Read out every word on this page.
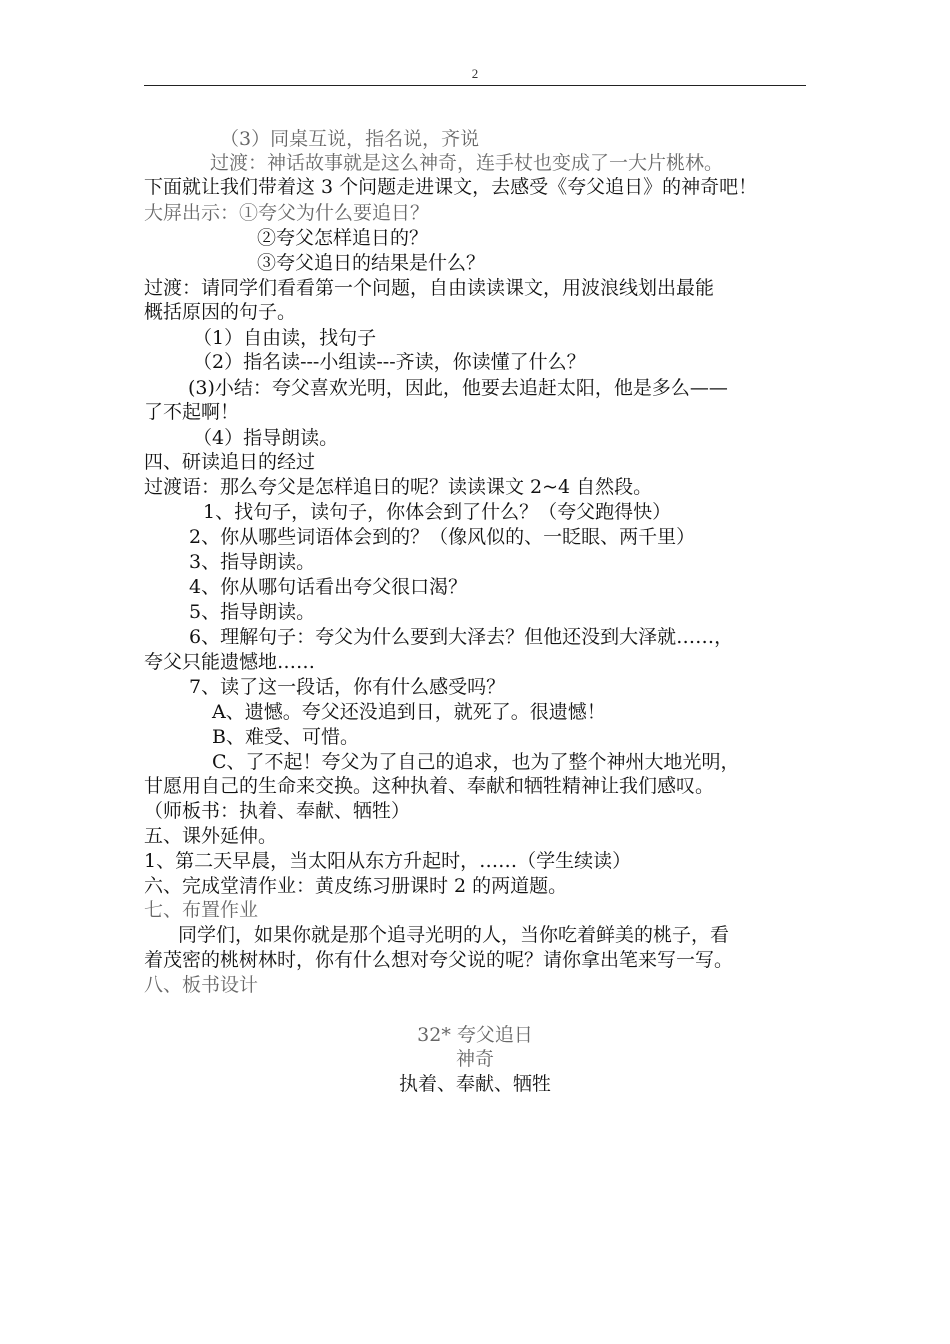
2
（3）同桌互说，指名说，齐说
过渡：神话故事就是这么神奇，连手杖也变成了一大片桃林。
下面就让我们带着这 3 个问题走进课文，去感受《夸父追日》的神奇吧！
大屏出示：①夸父为什么要追日？
②夸父怎样追日的？
③夸父追日的结果是什么？
过渡：请同学们看看第一个问题，自由读读课文，用波浪线划出最能
概括原因的句子。
（1）自由读，找句子
（2）指名读---小组读---齐读，你读懂了什么？
(3)小结：夸父喜欢光明，因此，他要去追赶太阳，他是多么——
了不起啊！
（4）指导朗读。
四、研读追日的经过
过渡语：那么夸父是怎样追日的呢？读读课文 2~4 自然段。
1、找句子，读句子，你体会到了什么？（夸父跑得快）
2、你从哪些词语体会到的？（像风似的、一眨眼、两千里）
3、指导朗读。
4、你从哪句话看出夸父很口渴？
5、指导朗读。
6、理解句子：夸父为什么要到大泽去？但他还没到大泽就……，
夸父只能遗憾地……
7、读了这一段话，你有什么感受吗？
A、遗憾。夸父还没追到日，就死了。很遗憾！
B、难受、可惜。
C、了不起！夸父为了自己的追求，也为了整个神州大地光明，
甘愿用自己的生命来交换。这种执着、奉献和牺牲精神让我们感叹。
（师板书：执着、奉献、牺牲）
五、课外延伸。
1、第二天早晨，当太阳从东方升起时，……（学生续读）
六、完成堂清作业：黄皮练习册课时 2 的两道题。
七、布置作业
同学们，如果你就是那个追寻光明的人，当你吃着鲜美的桃子，看
着茂密的桃树林时，你有什么想对夸父说的呢？请你拿出笔来写一写。
八、板书设计
32* 夸父追日
神奇
执着、奉献、牺牲
